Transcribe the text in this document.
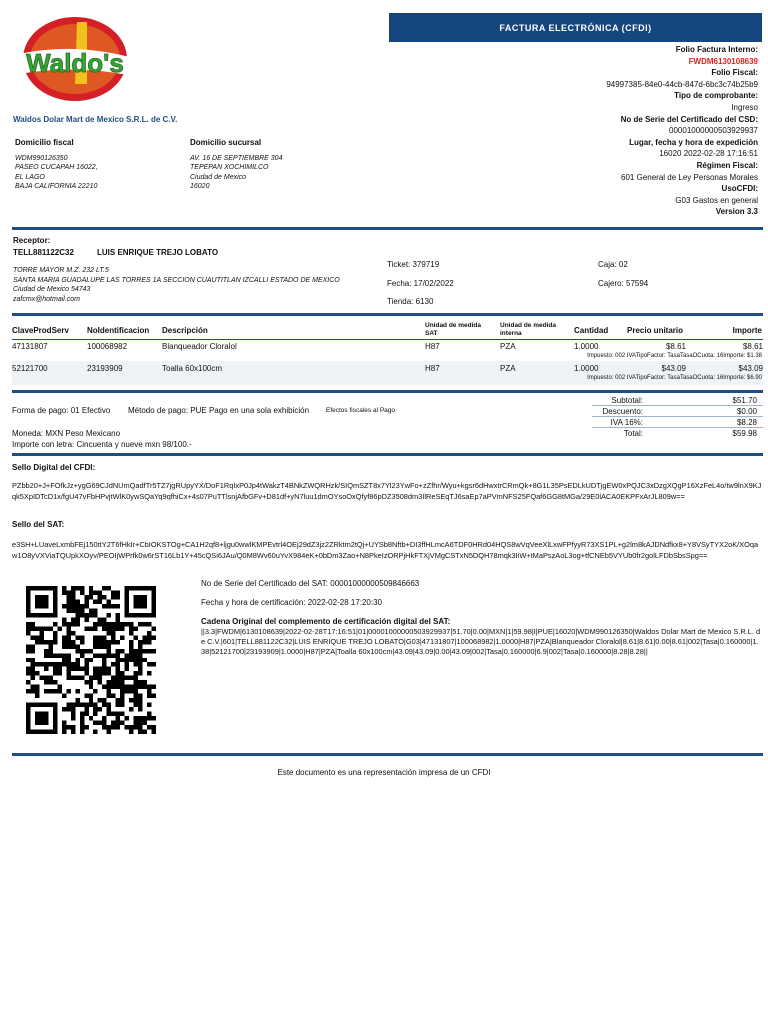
FACTURA ELECTRÓNICA (CFDI)
Waldo's	Folio Factura Interno:
FWDM6130108639
Folio Fiscal:
94997385-84e0-44cb-847d-6bc3c74b25b9
Tipo de comprobante:
Ingreso
No de Serie del Certificado del CSD:
00001000000503929937
Lugar, fecha y hora de expedición
16020 2022-02-28 17:16:51
Régimen Fiscal:
601 General de Ley Personas Morales
UsoCFDI:
G03 Gastos en general
Version 3.3
Waldos Dolar Mart de Mexico S.R.L. de C.V.
Domicilio fiscal
WDM990126350
PASEO CUCAPAH 16022,
EL LAGO
BAJA CALIFORNIA 22210
Domicilio sucursal
AV. 16 DE SEPTIEMBRE 304
TEPEPAN XOCHIMILCO
Ciudad de Mexico
16020
Receptor:
TELL881122C32	LUIS ENRIQUE TREJO LOBATO
TORRE MAYOR M.Z. 232 LT.5
SANTA MARIA GUADALUPE LAS TORRES 1A SECCION CUAUTITLAN IZCALLI ESTADO DE MEXICO
Ciudad de Mexico 54743
zafcmx@hotmail.com
Ticket: 379719	Caja: 02
Fecha: 17/02/2022	Cajero: 57594
Tienda: 6130
ClaveProdServ NoIdentificacion Descripción
Unidad de medida SAT
Unidad de medida interna	Cantidad Precio unitario	Importe
47131807	100068982	Blanqueador Cloralol	H87	PZA	1.0000	$8.61	$8.61
Impuesto: 002 IVATipoFactor: TasaTasaOCuota: 16Importe: $1.38
52121700	23193909	Toalla 60x100cm	H87	PZA	1.0000	$43.09	$43.09
Impuesto: 002 IVATipoFactor: TasaTasaOCuota: 16Importe: $6.90
Forma de pago: 01 Efectivo Método de pago: PUE Pago en una sola exhibición	Efectos fiscales al Pago
Moneda: MXN Peso Mexicano
Importe con letra: Cincuenta y nueve mxn 98/100.-
Subtotal:	$51.70
Descuento:	$0.00
IVA 16%:	$8.28
Total:	$59.98
Sello Digital del CFDI:
PZbb20+J+FOfkJz+ygG69CJdNUmQadfTr5TZ7jgRUpyYX/DoF1RqIxP0Jp4tWakzT4BNkZWQRHzk/SIQmSZT8x7Yl23YwFo+zZfhr/Wyu+kgsr6dHwxtrCRmQk+8G1L35PsEDLkUDTjgEW0xPQJC3xDzgXQgP16XzFeL4o/tw9lnX9KJqk5XpIDTcD1x/fgU47vFbHPvjtWlK0ywSQaYq9qfhiCx+4s07PuTTlsnjAfbGFv+D81df+yN7luu1dmOYsoOxQfyf86pDZ3508dm3IlReSEqTJ6saEp7aPVmNFS25FQaf6GG8tMGa/29E0lACA0EKPFxArJL809w==
Sello del SAT:
e3SH+LUaveLxmbFEj150ttY2T6fHkIr+CbIOKSTOg+CA1H2qf8+ljgu0wwlKMPEvtrl4OEj29dZ3jz2ZRktm2tQj+UYSb8Nftb+DI3ffHLmcA6TDF0HRd04HQS8wVqVeeXlLxwFPfyyR73XS1PL+g2lm8kAJDNdfkx8+Y8VSyTYX2oK/XOqaw1O8yVXViaTQUpkXOyv/PEOIjWPrfk0w6rST16Lb1Y+45cQSi6JAu/Q0M8Wv60uYvX984eK+0bDm3Zao+N8PkeIzORPjHkFTXjVMgCSTxN5DQH78mqk3IiW+tMaPszAoL3og+tfCNEb5VYUb0fr2golLFDbSbsSpg==
No de Serie del Certificado del SAT: 00001000000509846663
Fecha y hora de certificación: 2022-02-28 17:20:30
Cadena Original del complemento de certificación digital del SAT:
||3.3|FWDM|6130108639|2022-02-28T17:16:51|01|00001000000503929937|51.70|0.00|MXN|1|59.98|I|PUE|16020|WDM990126350|Waldos Dolar Mart de Mexico S.R.L. de C.V.|601|TELL881122C32|LUIS ENRIQUE TREJO LOBATO|G03|47131807|100068982|1.0000|H87|PZA|Blanqueador Cloralol|8.61|8.61|0.00|8.61|002|Tasa|0.160000|1.38|52121700|23193909|1.0000|H87|PZA|Toalla 60x100cm|43.09|43.09|0.00|43.09|002|Tasa|0.160000|6.9|002|Tasa|0.160000|8.28|8.28||
Este documento es una representación impresa de un CFDI
